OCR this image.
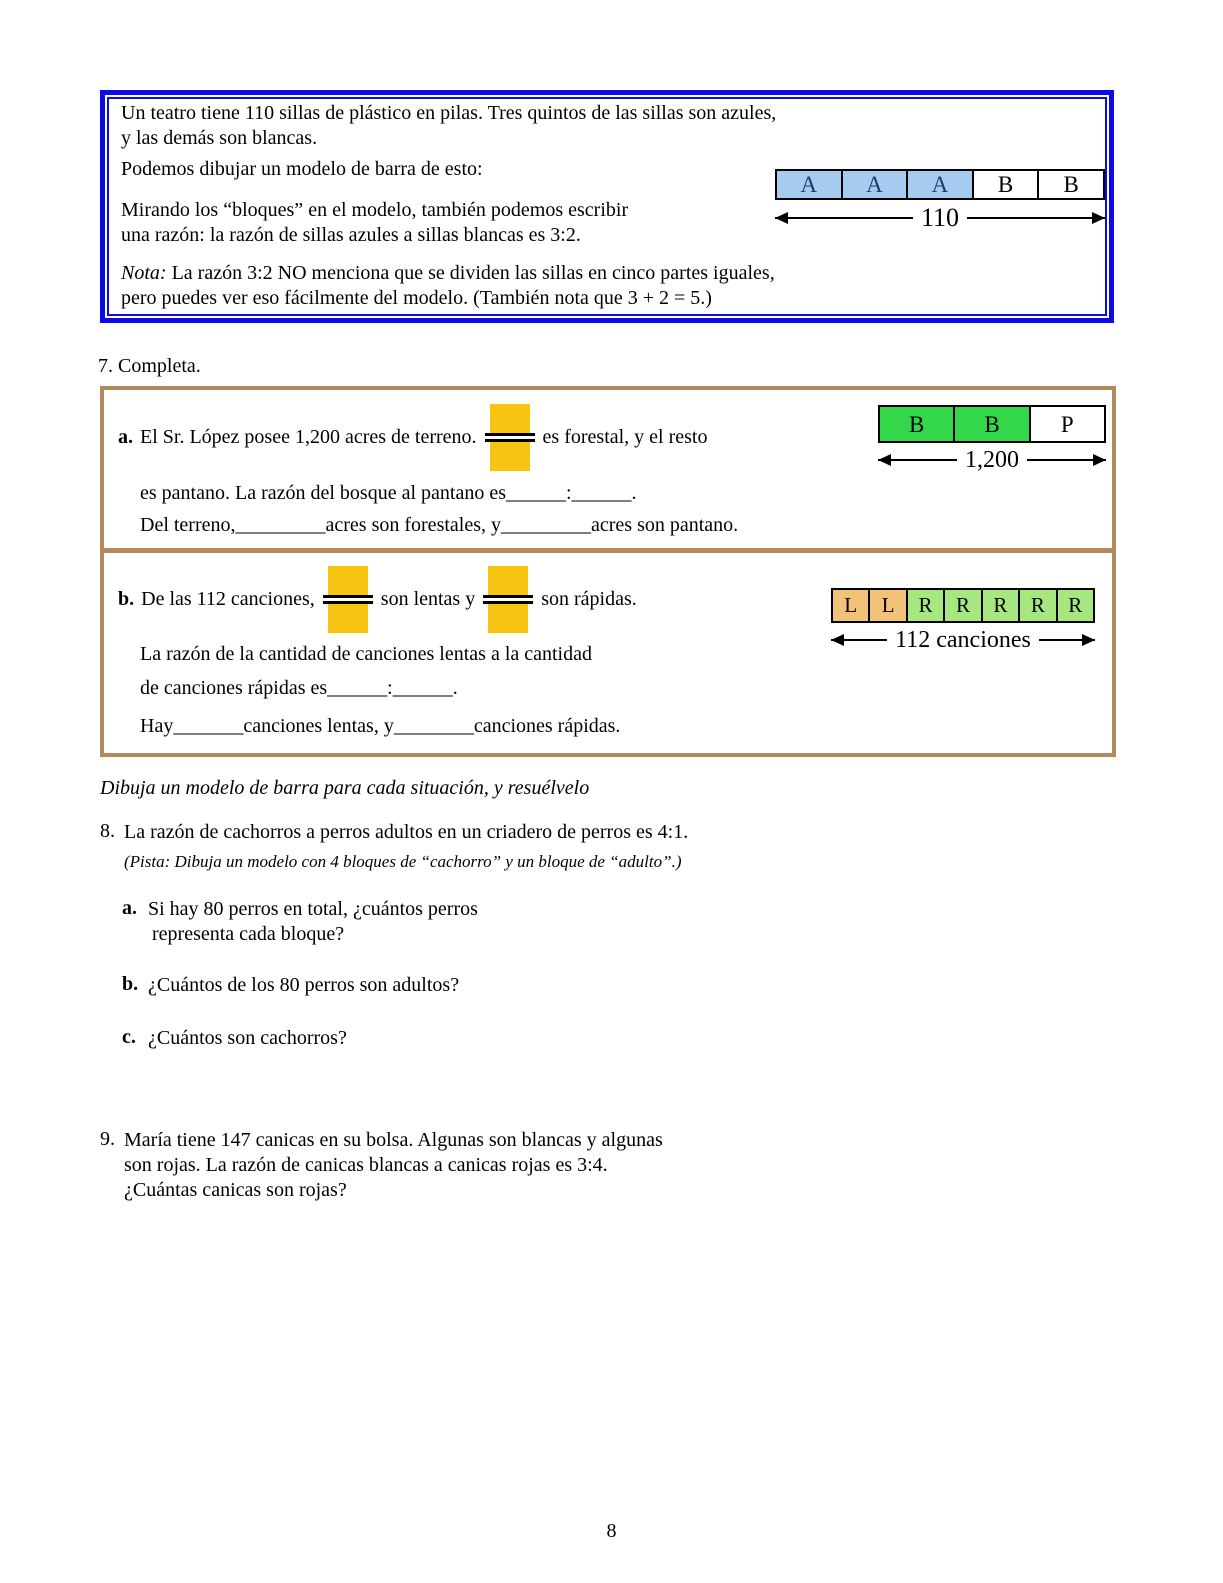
Un teatro tiene 110 sillas de plástico en pilas. Tres quintos de las sillas son azules,
y las demás son blancas.
Podemos dibujar un modelo de barra de esto:
Mirando los “bloques” en el modelo, también podemos escribir
una razón: la razón de sillas azules a sillas blancas es 3:2.
Nota: La razón 3:2 NO menciona que se dividen las sillas en cinco partes iguales,
pero puedes ver eso fácilmente del modelo. (También nota que 3 + 2 = 5.)
A	A	A	B	B
110
7. Completa.
a. El Sr. López posee 1,200 acres de terreno.	es forestal, y el resto
es pantano. La razón del bosque al pantano es______:______.
Del terreno,_________acres son forestales, y_________acres son pantano.
B	B	P
1,200
b. De las 112 canciones,	son lentas y	son rápidas.
La razón de la cantidad de canciones lentas a la cantidad
de canciones rápidas es______:______.
Hay_______canciones lentas, y________canciones rápidas.
L	L	R	R	R	R	R
112 canciones
Dibuja un modelo de barra para cada situación, y resuélvelo
8. La razón de cachorros a perros adultos en un criadero de perros es 4:1.
(Pista: Dibuja un modelo con 4 bloques de “cachorro” y un bloque de “adulto”.)
a. Si hay 80 perros en total, ¿cuántos perros
representa cada bloque?
b. ¿Cuántos de los 80 perros son adultos?
c. ¿Cuántos son cachorros?
9. María tiene 147 canicas en su bolsa. Algunas son blancas y algunas
son rojas. La razón de canicas blancas a canicas rojas es 3:4.
¿Cuántas canicas son rojas?
8
